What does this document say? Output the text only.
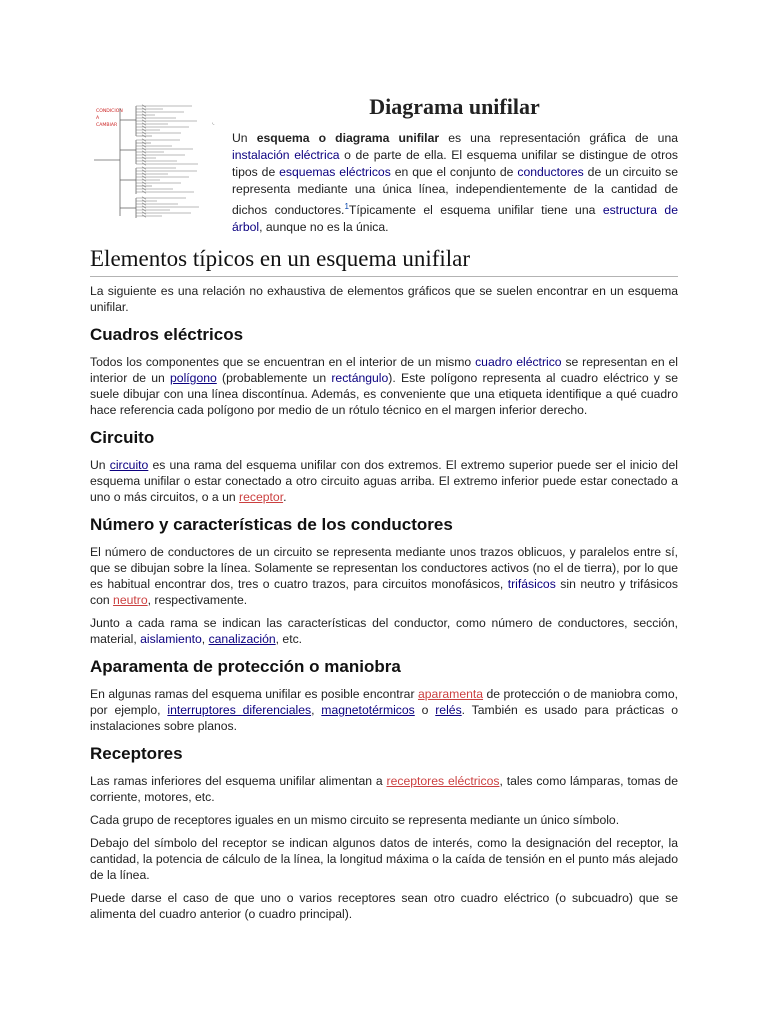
CONDICION
A
CAMBIAR	◟
Diagrama unifilar

Un esquema o diagrama unifilar es una representación gráfica de una instalación eléctrica o de parte de ella. El esquema unifilar se distingue de otros tipos de esquemas eléctricos en que el conjunto de conductores de un circuito se representa mediante una única línea, independientemente de la cantidad de dichos conductores.$^1$Típicamente el esquema unifilar tiene una estructura de árbol, aunque no es la única.

Elementos típicos en un esquema unifilar

La siguiente es una relación no exhaustiva de elementos gráficos que se suelen encontrar en un esquema unifilar.

Cuadros eléctricos

Todos los componentes que se encuentran en el interior de un mismo cuadro eléctrico se representan en el interior de un polígono (probablemente un rectángulo). Este polígono representa al cuadro eléctrico y se suele dibujar con una línea discontínua. Además, es conveniente que una etiqueta identifique a qué cuadro hace referencia cada polígono por medio de un rótulo técnico en el margen inferior derecho.

Circuito

Un circuito es una rama del esquema unifilar con dos extremos. El extremo superior puede ser el inicio del esquema unifilar o estar conectado a otro circuito aguas arriba. El extremo inferior puede estar conectado a uno o más circuitos, o a un receptor.

Número y características de los conductores

El número de conductores de un circuito se representa mediante unos trazos oblicuos, y paralelos entre sí, que se dibujan sobre la línea. Solamente se representan los conductores activos (no el de tierra), por lo que es habitual encontrar dos, tres o cuatro trazos, para circuitos monofásicos, trifásicos sin neutro y trifásicos con neutro, respectivamente.

Junto a cada rama se indican las características del conductor, como número de conductores, sección, material, aislamiento, canalización, etc.

Aparamenta de protección o maniobra

En algunas ramas del esquema unifilar es posible encontrar aparamenta de protección o de maniobra como, por ejemplo, interruptores diferenciales, magnetotérmicos o relés. También es usado para prácticas o instalaciones sobre planos.

Receptores

Las ramas inferiores del esquema unifilar alimentan a receptores eléctricos, tales como lámparas, tomas de corriente, motores, etc.

Cada grupo de receptores iguales en un mismo circuito se representa mediante un único símbolo.

Debajo del símbolo del receptor se indican algunos datos de interés, como la designación del receptor, la cantidad, la potencia de cálculo de la línea, la longitud máxima o la caída de tensión en el punto más alejado de la línea.

Puede darse el caso de que uno o varios receptores sean otro cuadro eléctrico (o subcuadro) que se alimenta del cuadro anterior (o cuadro principal).
